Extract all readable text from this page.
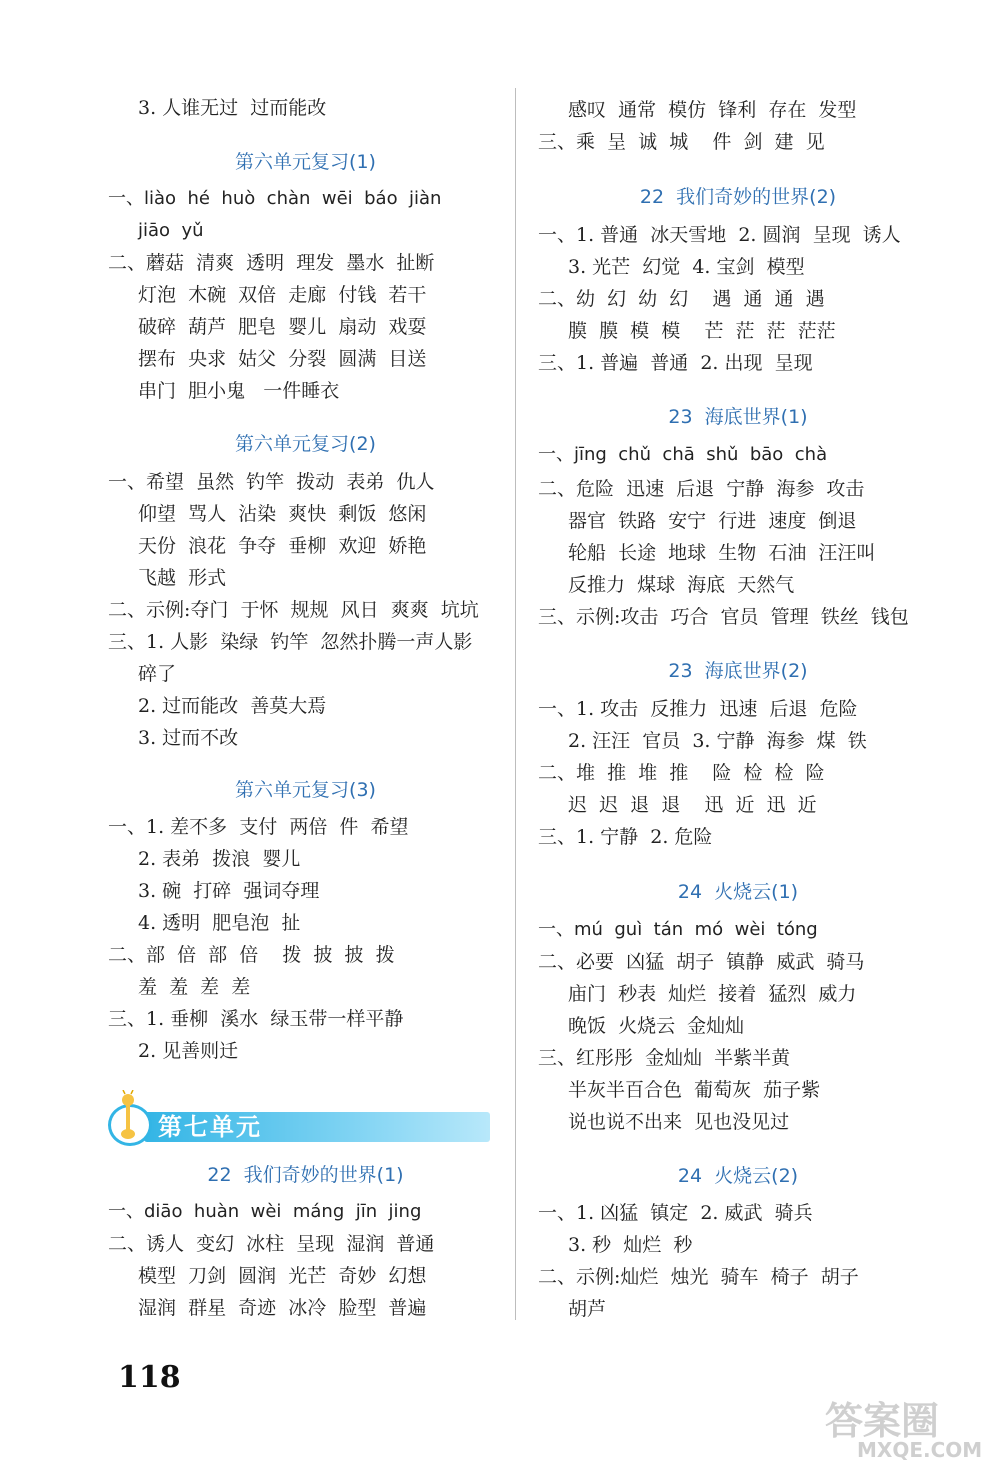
3. 人谁无过  过而能改
第六单元复习(1)
一、liào  hé  huò  chàn  wēi  báo  jiàn
jiāo  yǔ
二、蘑菇  清爽  透明  理发  墨水  扯断
灯泡  木碗  双倍  走廊  付钱  若干
破碎  葫芦  肥皂  婴儿  扇动  戏耍
摆布  央求  姑父  分裂  圆满  目送
串门  胆小鬼   一件睡衣
第六单元复习(2)
一、希望  虽然  钓竿  拨动  表弟  仇人
仰望  骂人  沾染  爽快  剩饭  悠闲
天份  浪花  争夺  垂柳  欢迎  娇艳
飞越  形式
二、示例:夺门  于怀  规规  风日  爽爽  坑坑
三、1. 人影  染绿  钓竿  忽然扑腾一声人影
碎了
2. 过而能改  善莫大焉
3. 过而不改
第六单元复习(3)
一、1. 差不多  支付  两倍  件  希望
2. 表弟  拨浪  婴儿
3. 碗  打碎  强词夺理
4. 透明  肥皂泡  扯
二、部  倍  部  倍    拨  披  披  拨
羞  羞  差  差
三、1. 垂柳  溪水  绿玉带一样平静
2. 见善则迁
22  我们奇妙的世界(1)
一、diāo  huàn  wèi  máng  jīn  jing
二、诱人  变幻  冰柱  呈现  湿润  普通
模型  刀剑  圆润  光芒  奇妙  幻想
湿润  群星  奇迹  冰冷  脸型  普遍
感叹  通常  模仿  锋利  存在  发型
三、乘  呈  诚  城    件  剑  建  见
22  我们奇妙的世界(2)
一、1. 普通  冰天雪地  2. 圆润  呈现  诱人
3. 光芒  幻觉  4. 宝剑  模型
二、幼  幻  幼  幻    遇  通  通  遇
膜  膜  模  模    芒  茫  茫  茫茫
三、1. 普遍  普通  2. 出现  呈现
23  海底世界(1)
一、jīng  chǔ  chā  shǔ  bāo  chà
二、危险  迅速  后退  宁静  海参  攻击
器官  铁路  安宁  行进  速度  倒退
轮船  长途  地球  生物  石油  汪汪叫
反推力  煤球  海底  天然气
三、示例:攻击  巧合  官员  管理  铁丝  钱包
23  海底世界(2)
一、1. 攻击  反推力  迅速  后退  危险
2. 汪汪  官员  3. 宁静  海参  煤  铁
二、堆  推  堆  推    险  检  检  险
迟  迟  退  退    迅  近  迅  近
三、1. 宁静  2. 危险
24  火烧云(1)
一、mú  guì  tán  mó  wèi  tóng
二、必要  凶猛  胡子  镇静  威武  骑马
庙门  秒表  灿烂  接着  猛烈  威力
晚饭  火烧云  金灿灿
三、红彤彤  金灿灿  半紫半黄
半灰半百合色  葡萄灰  茄子紫
说也说不出来  见也没见过
24  火烧云(2)
一、1. 凶猛  镇定  2. 威武  骑兵
3. 秒  灿烂  秒
二、示例:灿烂  烛光  骑车  椅子  胡子
胡芦
第七单元
118
答案圈
MXQE.COM
